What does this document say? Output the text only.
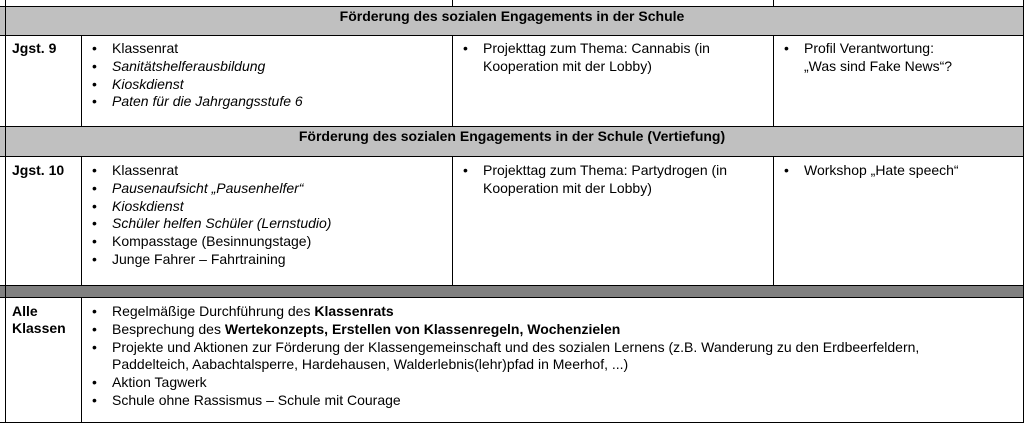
Förderung des sozialen Engagements in der Schule
Förderung des sozialen Engagements in der Schule (Vertiefung)
Jgst. 9	• Klassenrat
• Sanitätshelferausbildung
• Kioskdienst
• Paten für die Jahrgangsstufe 6
• Projekttag zum Thema: Cannabis (in Kooperation mit der Lobby)
• Profil Verantwortung: „Was sind Fake News“?
Jgst. 10	• Klassenrat
• Pausenaufsicht „Pausenhelfer“
• Kioskdienst
• Schüler helfen Schüler (Lernstudio)
• Kompasstage (Besinnungstage)
• Junge Fahrer – Fahrtraining
• Projekttag zum Thema: Partydrogen (in Kooperation mit der Lobby)
• Workshop „Hate speech“
Alle
Klassen
• Regelmäßige Durchführung des Klassenrats
• Besprechung des Wertekonzepts, Erstellen von Klassenregeln, Wochenzielen
• Projekte und Aktionen zur Förderung der Klassengemeinschaft und des sozialen Lernens (z.B. Wanderung zu den Erdbeerfeldern,
Paddelteich, Aabachtalsperre, Hardehausen, Walderlebnis(lehr)pfad in Meerhof, ...)
• Aktion Tagwerk
• Schule ohne Rassismus – Schule mit Courage
